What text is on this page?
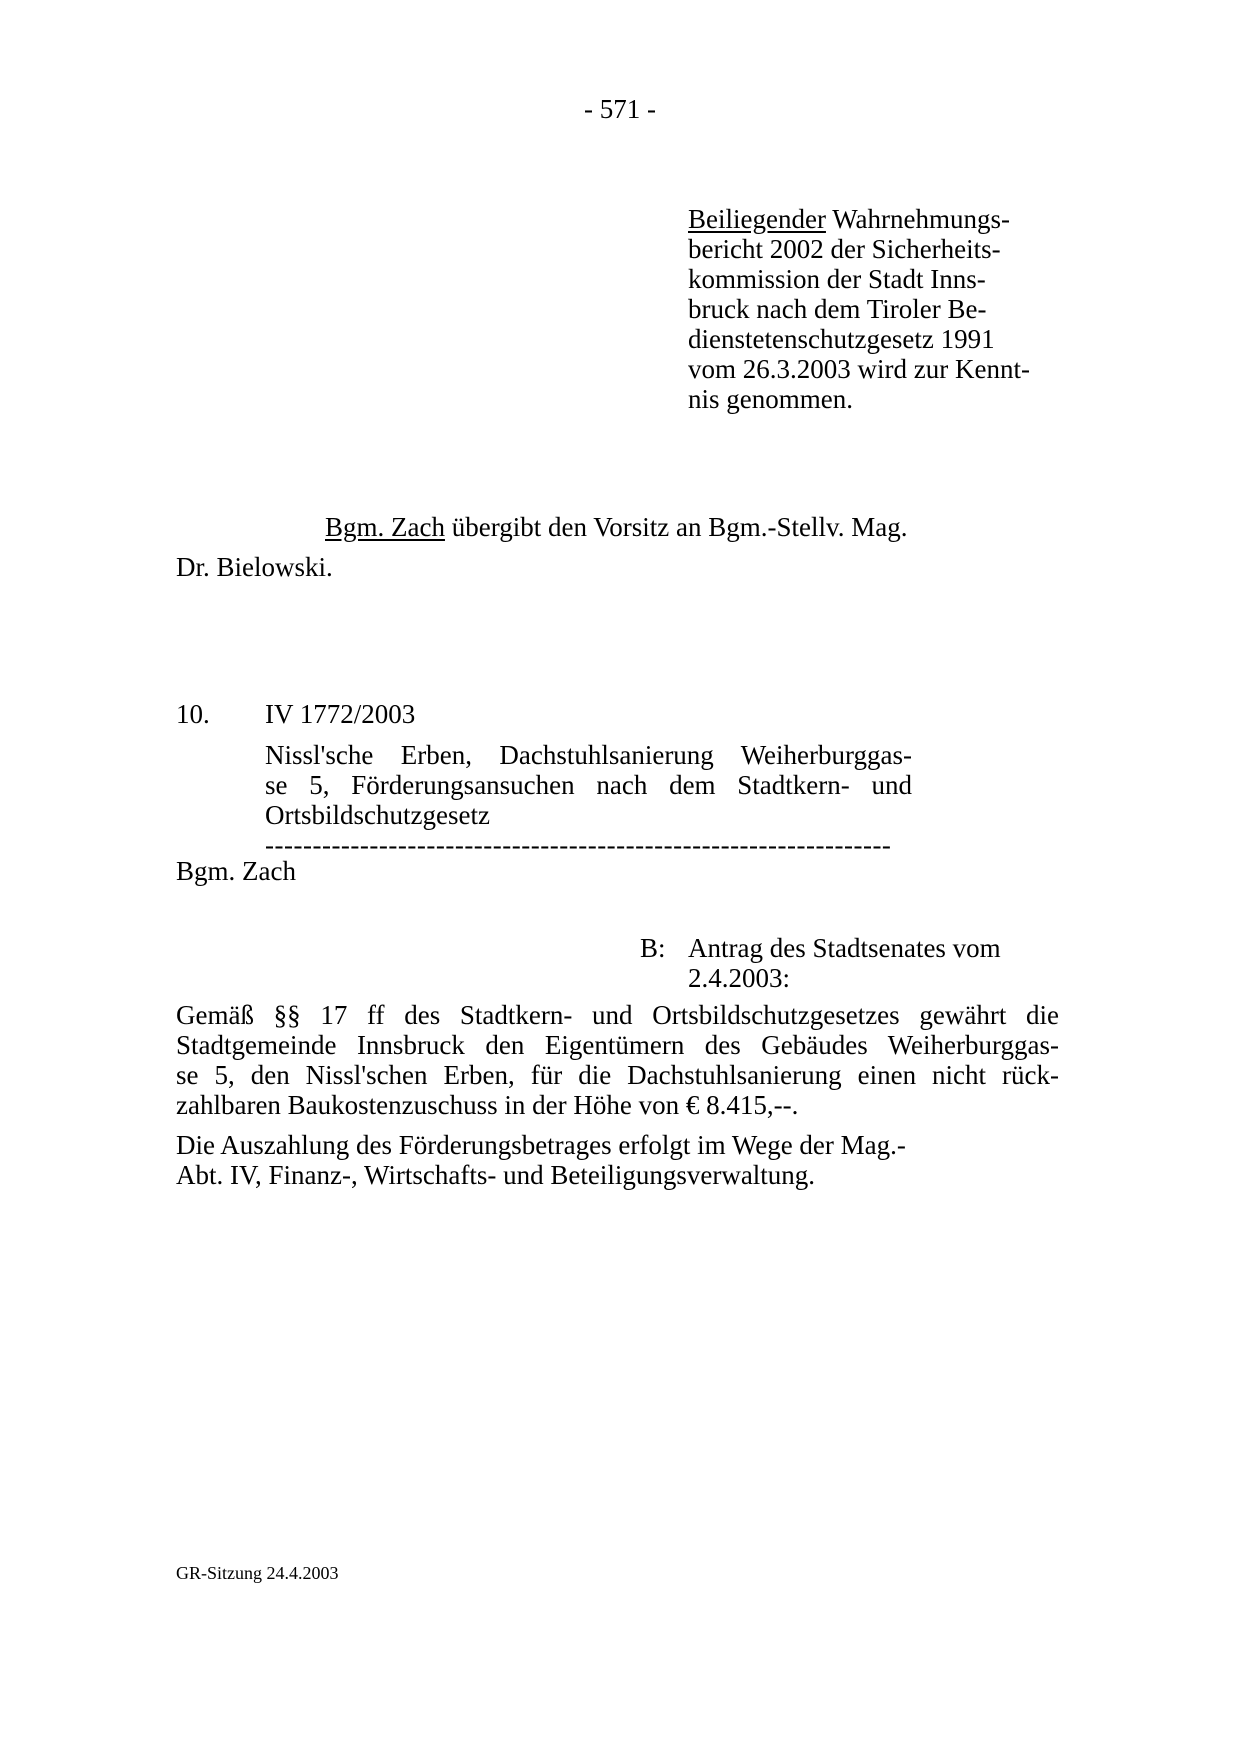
- 571 -
Beiliegender Wahrnehmungs-
bericht 2002 der Sicherheits-
kommission der Stadt Inns-
bruck nach dem Tiroler Be-
dienstetenschutzgesetz 1991
vom 26.3.2003 wird zur Kennt-
nis genommen.
Bgm. Zach übergibt den Vorsitz an Bgm.-Stellv. Mag.
Dr. Bielowski.
10. IV 1772/2003
Nissl'sche Erben, Dachstuhlsanierung Weiherburggas-
se 5, Förderungsansuchen nach dem Stadtkern- und
Ortsbildschutzgesetz
------------------------------------------------------------------
Bgm. Zach
B: Antrag des Stadtsenates vom
2.4.2003:
Gemäß §§ 17 ff des Stadtkern- und Ortsbildschutzgesetzes gewährt die
Stadtgemeinde Innsbruck den Eigentümern des Gebäudes Weiherburggas-
se 5, den Nissl'schen Erben, für die Dachstuhlsanierung einen nicht rück-
zahlbaren Baukostenzuschuss in der Höhe von € 8.415,--.
Die Auszahlung des Förderungsbetrages erfolgt im Wege der Mag.-
Abt. IV, Finanz-, Wirtschafts- und Beteiligungsverwaltung.
GR-Sitzung 24.4.2003
